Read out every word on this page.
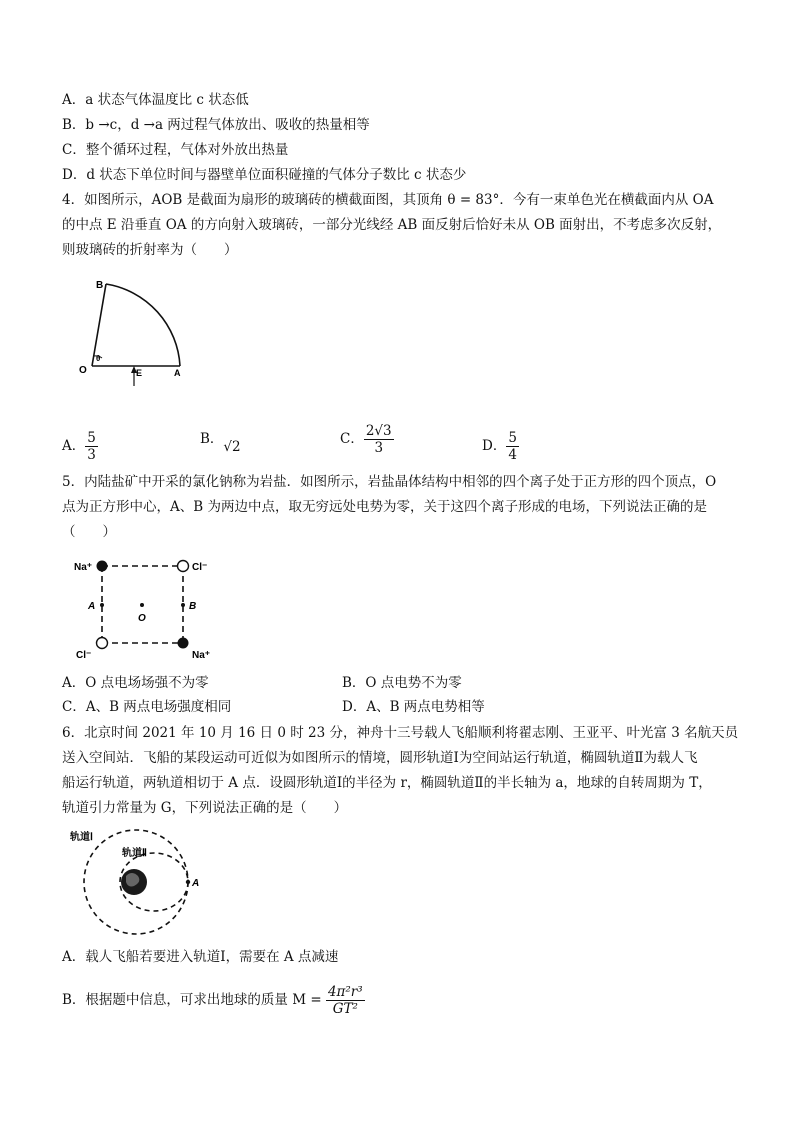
A．a 状态气体温度比 c 状态低
B．b →c，d →a 两过程气体放出、吸收的热量相等
C．整个循环过程，气体对外放出热量
D．d 状态下单位时间与器壁单位面积碰撞的气体分子数比 c 状态少
4．如图所示，AOB 是截面为扇形的玻璃砖的横截面图，其顶角 θ = 83°．今有一束单色光在横截面内从 OA
的中点 E 沿垂直 OA 的方向射入玻璃砖，一部分光线经 AB 面反射后恰好未从 OB 面射出，不考虑多次反射，
则玻璃砖的折射率为（　　）
B
O
θ
E	A
A． $\frac{5}{3}$	B．√2	C． $\frac{2√3}{3}$	D． $\frac{5}{4}$
5．内陆盐矿中开采的氯化钠称为岩盐．如图所示，岩盐晶体结构中相邻的四个离子处于正方形的四个顶点，O
点为正方形中心，A、B 为两边中点，取无穷远处电势为零，关于这四个离子形成的电场，下列说法正确的是
（　　）
Na⁺	Cl⁻
Cl⁻	Na⁺
A	B
O
A．O 点电场场强不为零	B．O 点电势不为零
C．A、B 两点电场强度相同	D．A、B 两点电势相等
6．北京时间 2021 年 10 月 16 日 0 时 23 分，神舟十三号载人飞船顺利将翟志刚、王亚平、叶光富 3 名航天员
送入空间站．飞船的某段运动可近似为如图所示的情境，圆形轨道Ⅰ为空间站运行轨道，椭圆轨道Ⅱ为载人飞
船运行轨道，两轨道相切于 A 点．设圆形轨道Ⅰ的半径为 r，椭圆轨道Ⅱ的半长轴为 a，地球的自转周期为 T，
轨道引力常量为 G，下列说法正确的是（　　）
轨道Ⅰ
轨道Ⅱ
A
A．载人飞船若要进入轨道Ⅰ，需要在 A 点减速
B．根据题中信息，可求出地球的质量 $M = \frac{\text{4π²r³}}{\text{GT²}}$
